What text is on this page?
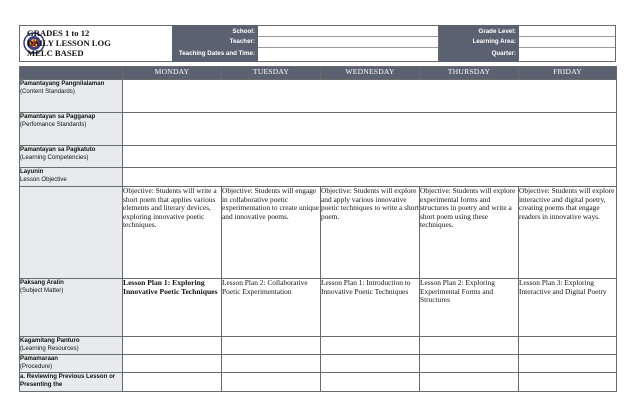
GRADES 1 to 12
DAILY LESSON LOG
MELC BASED
School:
Teacher:
Teaching Dates and Time:
Grade Level:
Learning Area:
Quarter:
	MONDAY	TUESDAY	WEDNESDAY	THURSDAY	FRIDAY
Pamantayang Pangnilalaman
(Content Standards)					
Pamantayan sa Pagganap
(Perfomance Standards)					
Pamantayan sa Pagkatuto
(Learning Competencies)					
Layunin
Lesson Objective					
	Objective: Students will write a short poem that applies various elements and literary devices, exploring innovative poetic techniques.	Objective: Students will engage in collaborative poetic experimentation to create unique and innovative poems.	Objective: Students will explore and apply various innovative poetic techniques to write a short poem.	Objective: Students will explore experimental forms and structures in poetry and write a short poem using these techniques.	Objective: Students will explore interactive and digital poetry, creating poems that engage readers in innovative ways.
Paksang Aralin
(Subject Matter)	Lesson Plan 1: Exploring Innovative Poetic Techniques	Lesson Plan 2: Collaborative Poetic Experimentation	Lesson Plan 1: Introduction to Innovative Poetic Techniques	Lesson Plan 2: Exploring Experimental Forms and Structures	Lesson Plan 3: Exploring Interactive and Digital Poetry
Kagamitang Panturo
(Learning Resources)					
Pamamaraan
(Procedure)					
a. Reviewing Previous Lesson or Presenting the					
